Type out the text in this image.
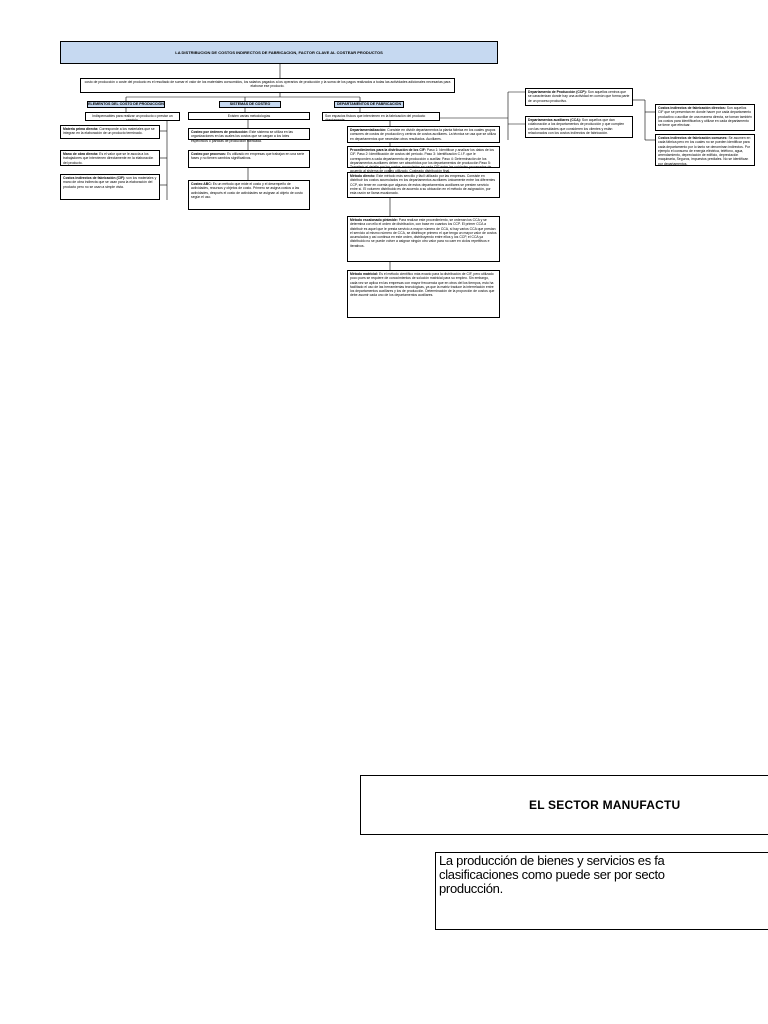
LA DISTRIBUCION DE COSTOS INDIRECTOS DE FABRICACION, FACTOR CLAVE AL COSTEAR PRODUCTOS
costo de producción o coste del producto es el resultado de sumar el valor de los materiales consumidos, los salarios pagados a los operarios de producción y la suma de los pagos realizados a todas las actividades adicionales necesarias para elaborar ese producto.
ELEMENTOS DEL COSTO DE PRODUCCIÓN
Indispensables para realizar un producto o prestar un servicio.
Materia prima directa: Corresponde a los materiales que se integran en la elaboración de un producto terminado.
Mano de obra directa: Es el valor que se le asocia a los trabajadores que intervienen directamente en la elaboración del producto.
Costos indirectos de fabricación (CIF): son los materiales y mano de obra indirecta que se usan para la elaboración del producto pero no se usan a simple vista.
SISTEMAS DE COSTEO
Existen varias metodologías
Costeo por órdenes de producción: Este sistema se utiliza en las organizaciones en las cuales los costos que se cargan a los lotes específicos o partidas de producción fabricada.
Costeo por procesos: Es utilizado en empresas que trabajan en una serie fases y no tienen cambios significativos.
Costeo ABC: Es un método que mide el costo y el desempeño de actividades, recursos y objetos de costo. Primero se asigna costos a las actividades, después el costo de actividades se asignan al objeto de costo según el uso.
DEPARTAMENTOS DE FABRICACIÓN
Son espacios físicos que intervienen en la fabricación del producto directamente.
Departamentalización: Consiste en dividir departamentos la planta fábrica en los cuales grupos comunes de costos de producción y centros de costos auxiliares. La técnica se usa que se utiliza en departamentos que necesitan otros resultados. Auxiliares.
Procedimientos para la distribución de los CIF: Paso 1: Identificar y analizar los datos de los CIF. Paso 2: Identificación de costos del período. Paso 3: Identificación C.I.F. que le corresponden a cada departamento de producción o auxiliar. Paso 4: Determinación de los departamentos auxiliares deben ser absorbidos por los departamentos de producción Paso 5: Transferir el detalle por los costos acumulados en cada CIF entre las unidades procesadas de
Método directo: Este método más sencillo y fácil utilizado por las empresas. Consiste en distribuir los costos acumulados en los departamentos auxiliares únicamente entre los diferentes CCP, sin tener en cuenta que algunos de estos departamentos auxiliares se presten servicio entre sí. El volumen distribuido es de acuerdo a su ubicación en el método de asignación, por esta razón se llama escalonado.
Método escalonado pirámide: Para realizar este procedimiento, se ordenan los CCA y se determina con ello el orden de distribución, con base en cuantos los CCP. El primer CCA a distribuir es aquel que le presta servicio a mayor número de CCA, si hay varios CCA que prestan el servicio al mismo número de CCA, se distribuye primero el que tenga un mayor valor de costos acumulados y así continua en este orden, distribuyendo entre ellos y los CCP, el CCA ya distribuido no se puede volver a asignar ningún otro valor para no caer en ciclos repetitivos e iterativos.
Método matricial: Es el método científico más exacto para la distribución de CIF, pero utilizado poco pues se requiere de conocimientos de solución matricial para su empleo. Sin embargo, cada vez se aplica en las empresas con mayor frecuencia que en otros del los tiempos, esto ha facilitado el uso de las herramientas tecnológicas, ya que la matriz traduce la interrelación entre los departamentos auxiliares y los de producción. Determinación de la proporción de costos que debe asumir cada uno de los departamentos auxiliares.
Departamento de Producción (CCP): Son aquellos centros que se caracterizan donde hay una actividad en común que forma parte de un proceso productivo.
Departamentos auxiliares (CCA): Son aquellos que dan colaboración a los departamentos de producción y que cumplen con las necesidades que consideren los clientes y están relacionados con los costos indirectos de fabricación.
Costos indirectos de fabricación directos: Son aquellos CIF que se presentan en donde hacer por cada departamento productivo o auxiliar de una manera directa, se toman también los costos para identificarlos y utilizar en cada departamento se tiene que efectuar.
Costos indirectos de fabricación comunes: Se asumen en cada fábrica pero en los cuales no se pueden identificar para cada departamento por lo tanto se denominan indirectos. Por ejemplo el consumo de energía eléctrica, teléfono, agua, arrendamiento, depreciación de edificio, depreciación maquinaria, Seguros, impuestos prediales. No se identifican por departamentos.
EL SECTOR MANUFACTU
La producción de bienes y servicios es fa
clasificaciones como puede ser por secto
producción.
